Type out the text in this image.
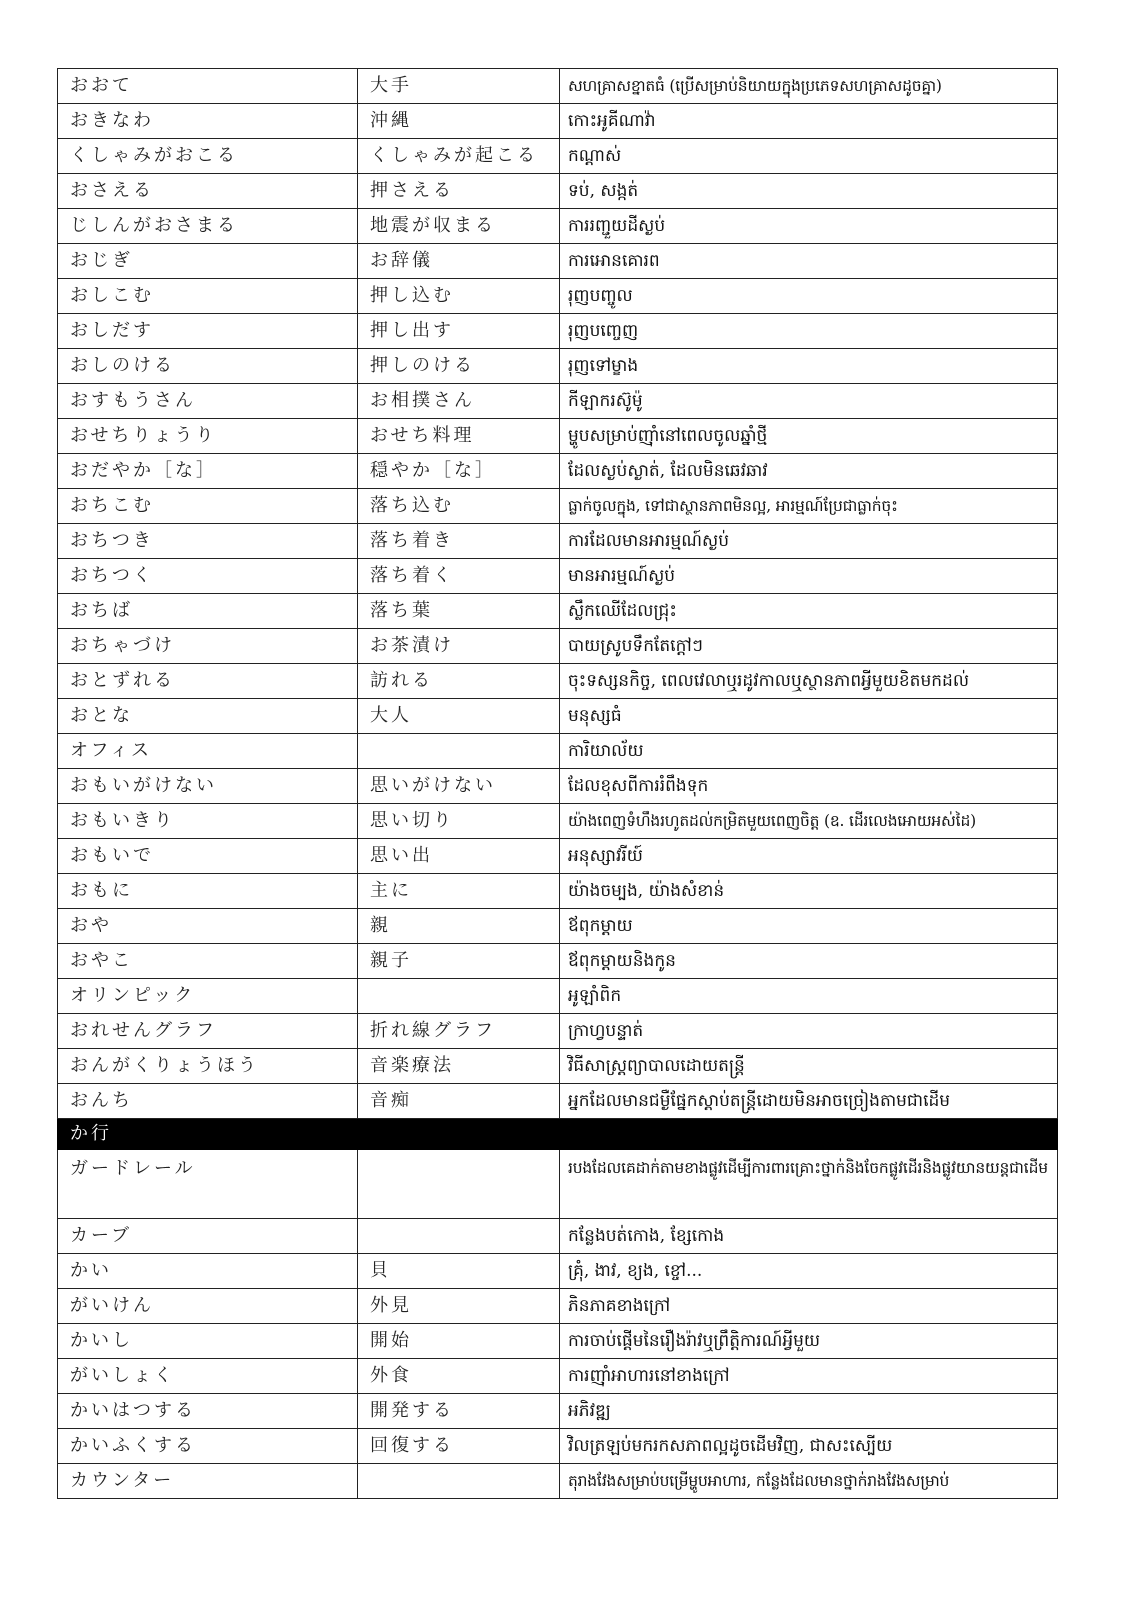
おおて	大手	សហគ្រាសខ្នាតធំ (ប្រើសម្រាប់និយាយក្នុងប្រភេទសហគ្រាសដូចគ្នា)
おきなわ	沖縄	កោះអូគីណាវ៉ា
くしゃみがおこる	くしゃみが起こる	កណ្ដាស់
おさえる	押さえる	ទប់, សង្កត់
じしんがおさまる	地震が収まる	ការរញ្ជួយដីស្ងប់
おじぎ	お辞儀	ការអោនគោរព
おしこむ	押し込む	រុញបញ្ចូល
おしだす	押し出す	រុញបញ្ចេញ
おしのける	押しのける	រុញទៅម្ខាង
おすもうさん	お相撲さん	កីឡាករស៊ូម៉ូ
おせちりょうり	おせち料理	ម្ហូបសម្រាប់ញ៉ាំនៅពេលចូលឆ្នាំថ្មី
おだやか［な］	穏やか［な］	ដែលស្ងប់ស្ងាត់, ដែលមិនឆេវឆាវ
おちこむ	落ち込む	ធ្លាក់ចូលក្នុង, ទៅជាស្ថានភាពមិនល្អ, អារម្មណ៍ប្រែជាធ្លាក់ចុះ
おちつき	落ち着き	ការដែលមានអារម្មណ៍ស្ងប់
おちつく	落ち着く	មានអារម្មណ៍ស្ងប់
おちば	落ち葉	ស្លឹកឈើដែលជ្រុះ
おちゃづけ	お茶漬け	បាយស្រូបទឹកតែក្ដៅៗ
おとずれる	訪れる	ចុះទស្សនកិច្ច, ពេលវេលាឬរដូវកាលឬស្ថានភាពអ្វីមួយខិតមកដល់
おとな	大人	មនុស្សធំ
オフィス		ការិយាល័យ
おもいがけない	思いがけない	ដែលខុសពីការរំពឹងទុក
おもいきり	思い切り	យ៉ាងពេញទំហឹងរហូតដល់កម្រិតមួយពេញចិត្ត (ឧ. ដើរលេងអោយអស់ដៃ)
おもいで	思い出	អនុស្សាវរីយ៍
おもに	主に	យ៉ាងចម្បង, យ៉ាងសំខាន់
おや	親	ឪពុកម្ដាយ
おやこ	親子	ឪពុកម្ដាយនិងកូន
オリンピック		អូឡាំពិក
おれせんグラフ	折れ線グラフ	ក្រាហ្វបន្ទាត់
おんがくりょうほう	音楽療法	វិធីសាស្ត្រព្យាបាលដោយតន្ត្រី
おんち	音痴	អ្នកដែលមានជម្ងឺផ្នែកស្ដាប់តន្ត្រីដោយមិនអាចច្រៀងតាមជាដើម
か行		
ガードレール		របងដែលគេដាក់តាមខាងផ្លូវដើម្បីការពារគ្រោះថ្នាក់និងចែកផ្លូវដើរនិងផ្លូវយានយន្តជាដើម
カーブ		កន្លែងបត់កោង, ខ្សែកោង
かい	貝	គ្រុំ, ងាវ, ខ្យង, ខ្ចៅ...
がいけん	外見	ភិនភាគខាងក្រៅ
かいし	開始	ការចាប់ផ្ដើមនៃរឿងរ៉ាវឬព្រឹត្តិការណ៍អ្វីមួយ
がいしょく	外食	ការញ៉ាំអាហារនៅខាងក្រៅ
かいはつする	開発する	អភិវឌ្ឍ
かいふくする	回復する	វិលត្រឡប់មករកសភាពល្អដូចដើមវិញ, ជាសះស្បើយ
カウンター		តុរាងវែងសម្រាប់បម្រើម្ហូបអាហារ, កន្លែងដែលមានថ្នាក់រាងវែងសម្រាប់
